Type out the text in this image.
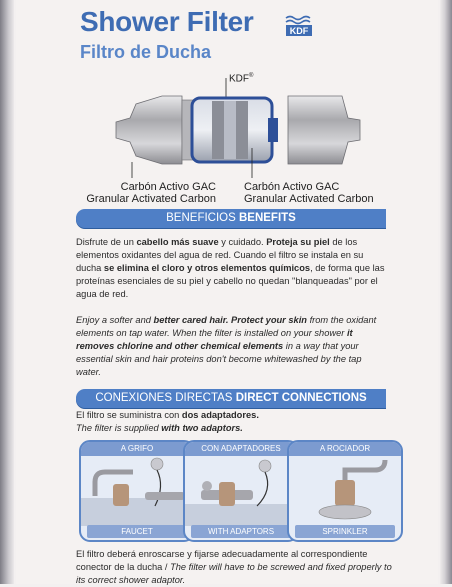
Shower Filter
Filtro de Ducha
KDF
KDF®
Carbón Activo GAC
Granular Activated Carbon
Carbón Activo GAC
Granular Activated Carbon
BENEFICIOS BENEFITS
Disfrute de un cabello más suave y cuidado. Proteja su piel de los elementos oxidantes del agua de red. Cuando el filtro se instala en su ducha se elimina el cloro y otros elementos químicos, de forma que las proteínas esenciales de su piel y cabello no quedan "blanqueadas" por el agua de red.
Enjoy a softer and better cared hair. Protect your skin from the oxidant elements on tap water. When the filter is installed on your shower it removes chlorine and other chemical elements in a way that your essential skin and hair proteins don't become whitewashed by the tap water.
CONEXIONES DIRECTAS DIRECT CONNECTIONS
El filtro se suministra con dos adaptadores.
The filter is supplied with two adaptors.
A GRIFO
FAUCET
CON ADAPTADORES
WITH ADAPTORS
A ROCIADOR
SPRINKLER
El filtro deberá enroscarse y fijarse adecuadamente al correspondiente conector de la ducha / The filter will have to be screwed and fixed properly to its correct shower adaptor.
